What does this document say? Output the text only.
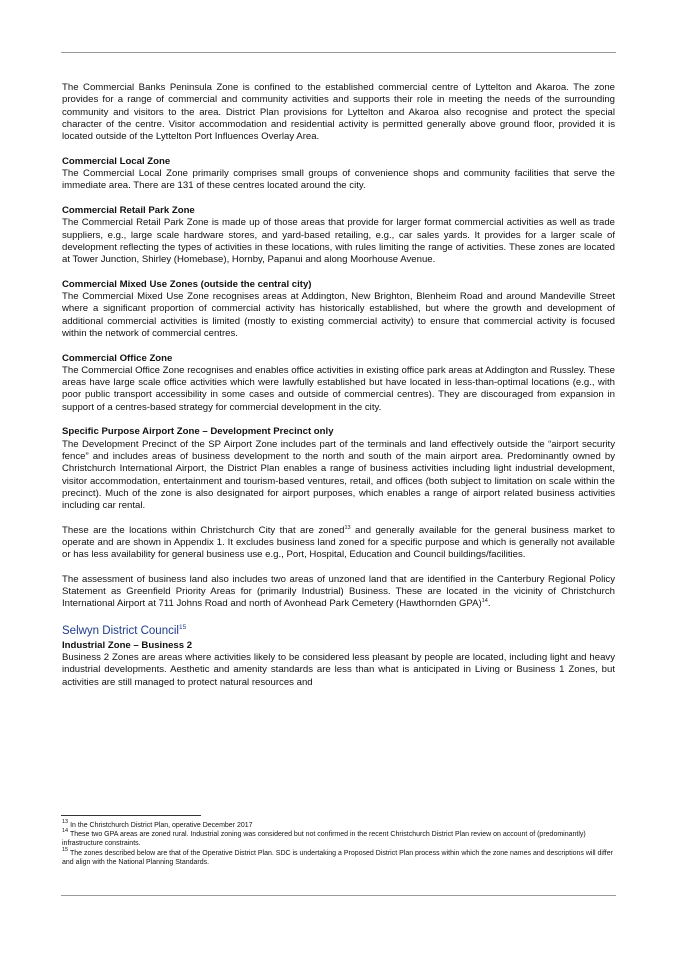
The Commercial Banks Peninsula Zone is confined to the established commercial centre of Lyttelton and Akaroa. The zone provides for a range of commercial and community activities and supports their role in meeting the needs of the surrounding community and visitors to the area. District Plan provisions for Lyttelton and Akaroa also recognise and protect the special character of the centre. Visitor accommodation and residential activity is permitted generally above ground floor, provided it is located outside of the Lyttelton Port Influences Overlay Area.

Commercial Local Zone

The Commercial Local Zone primarily comprises small groups of convenience shops and community facilities that serve the immediate area. There are 131 of these centres located around the city.

Commercial Retail Park Zone

The Commercial Retail Park Zone is made up of those areas that provide for larger format commercial activities as well as trade suppliers, e.g., large scale hardware stores, and yard-based retailing, e.g., car sales yards. It provides for a larger scale of development reflecting the types of activities in these locations, with rules limiting the range of activities. These zones are located at Tower Junction, Shirley (Homebase), Hornby, Papanui and along Moorhouse Avenue.

Commercial Mixed Use Zones (outside the central city)

The Commercial Mixed Use Zone recognises areas at Addington, New Brighton, Blenheim Road and around Mandeville Street where a significant proportion of commercial activity has historically established, but where the growth and development of additional commercial activities is limited (mostly to existing commercial activity) to ensure that commercial activity is focused within the network of commercial centres.

Commercial Office Zone

The Commercial Office Zone recognises and enables office activities in existing office park areas at Addington and Russley. These areas have large scale office activities which were lawfully established but have located in less-than-optimal locations (e.g., with poor public transport accessibility in some cases and outside of commercial centres). They are discouraged from expansion in support of a centres-based strategy for commercial development in the city.

Specific Purpose Airport Zone – Development Precinct only

The Development Precinct of the SP Airport Zone includes part of the terminals and land effectively outside the “airport security fence” and includes areas of business development to the north and south of the main airport area. Predominantly owned by Christchurch International Airport, the District Plan enables a range of business activities including light industrial development, visitor accommodation, entertainment and tourism-based ventures, retail, and offices (both subject to limitation on scale within the precinct). Much of the zone is also designated for airport purposes, which enables a range of airport related business activities including car rental.

These are the locations within Christchurch City that are zoned$^{13}$ and generally available for the general business market to operate and are shown in Appendix 1. It excludes business land zoned for a specific purpose and which is generally not available or has less availability for general business use e.g., Port, Hospital, Education and Council buildings/facilities.

The assessment of business land also includes two areas of unzoned land that are identified in the Canterbury Regional Policy Statement as Greenfield Priority Areas for (primarily Industrial) Business. These are located in the vicinity of Christchurch International Airport at 711 Johns Road and north of Avonhead Park Cemetery (Hawthornden GPA)$^{14}$.

Selwyn District Council$^{15}$
Industrial Zone – Business 2

Business 2 Zones are areas where activities likely to be considered less pleasant by people are located, including light and heavy industrial developments. Aesthetic and amenity standards are less than what is anticipated in Living or Business 1 Zones, but activities are still managed to protect natural resources and

$^{13}$ In the Christchurch District Plan, operative December 2017
$^{14}$ These two GPA areas are zoned rural. Industrial zoning was considered but not confirmed in the recent Christchurch District Plan review on account of (predominantly) infrastructure constraints.
$^{15}$ The zones described below are that of the Operative District Plan. SDC is undertaking a Proposed District Plan process within which the zone names and descriptions will differ and align with the National Planning Standards.
